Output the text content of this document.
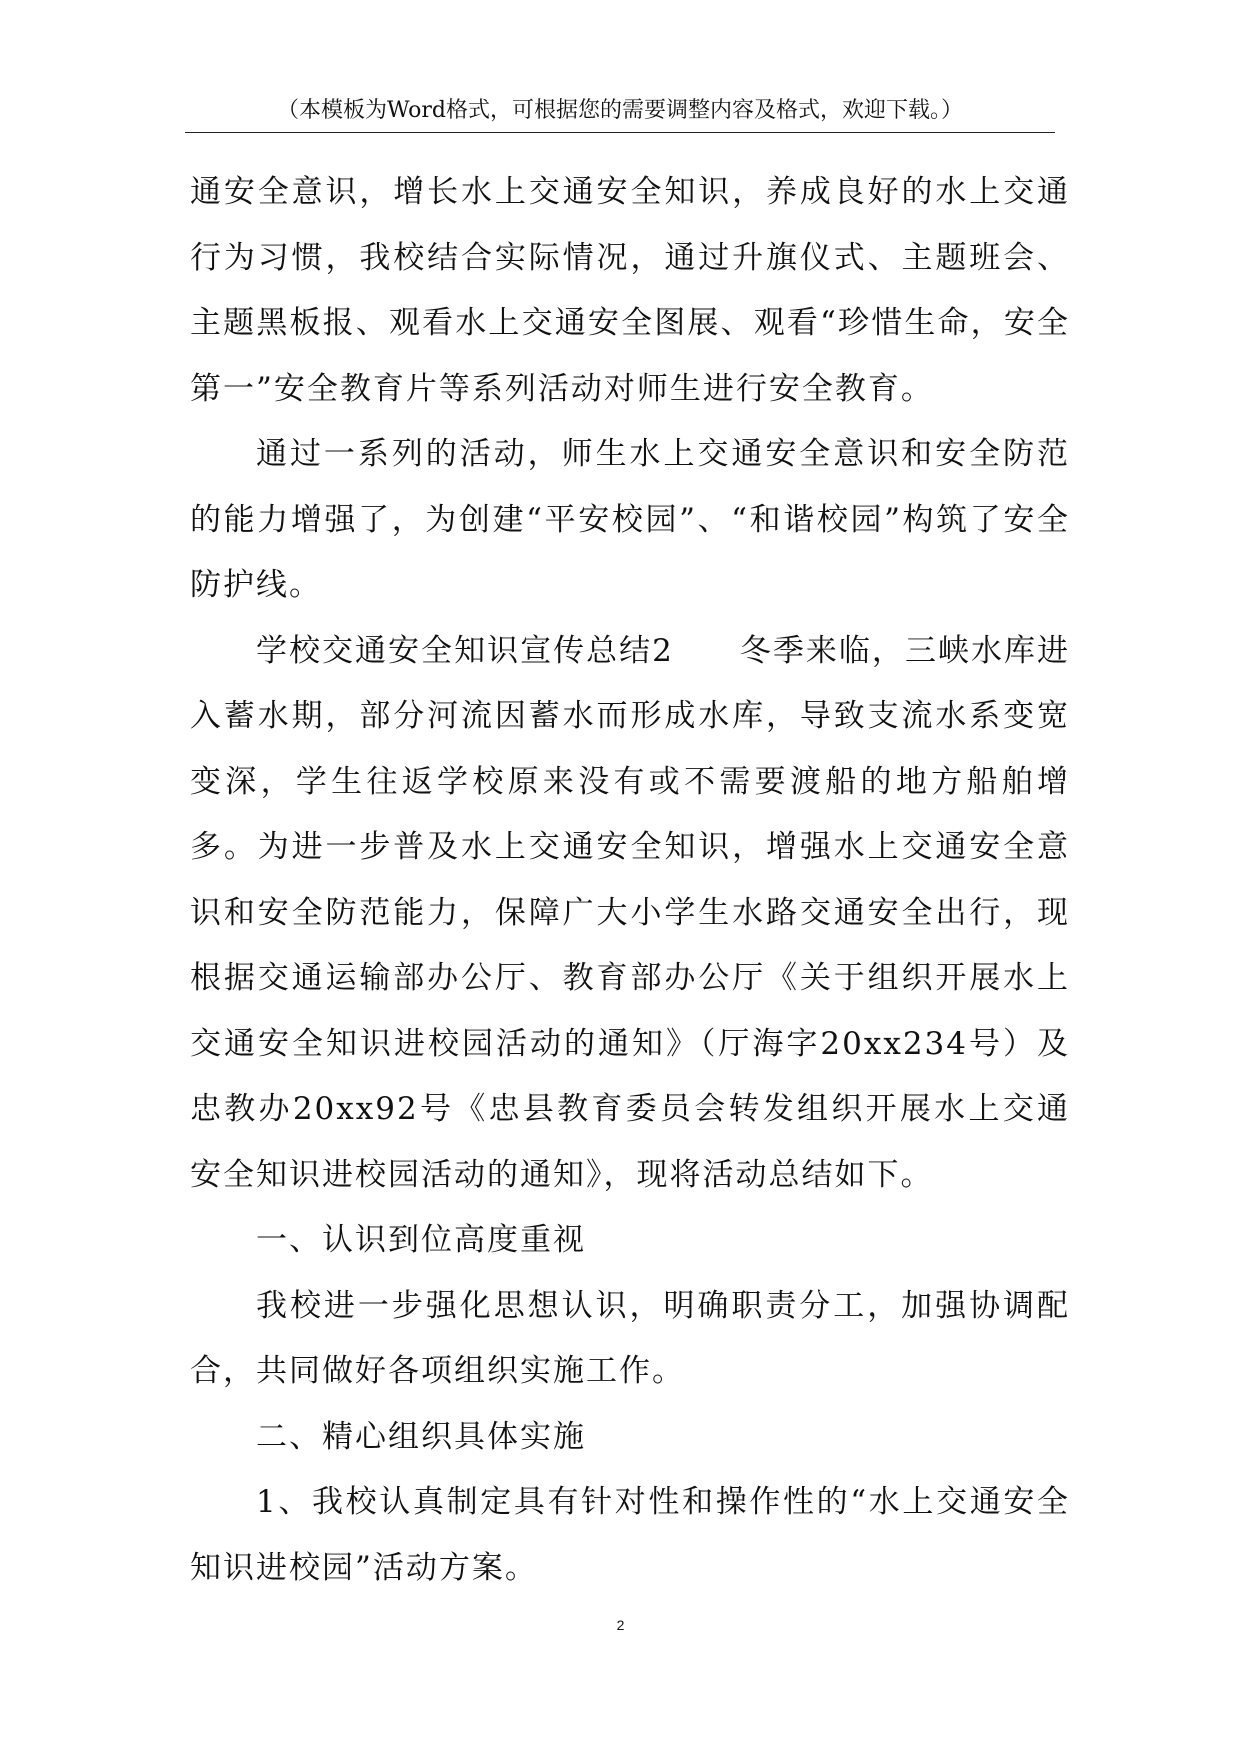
（本模板为Word格式，可根据您的需要调整内容及格式，欢迎下载。）

通安全意识，增长水上交通安全知识，养成良好的水上交通行为习惯，我校结合实际情况，通过升旗仪式、主题班会、主题黑板报、观看水上交通安全图展、观看“珍惜生命，安全第一”安全教育片等系列活动对师生进行安全教育。

通过一系列的活动，师生水上交通安全意识和安全防范的能力增强了，为创建“平安校园”、“和谐校园”构筑了安全防护线。

学校交通安全知识宣传总结2　　冬季来临，三峡水库进入蓄水期，部分河流因蓄水而形成水库，导致支流水系变宽变深，学生往返学校原来没有或不需要渡船的地方船舶增多。为进一步普及水上交通安全知识，增强水上交通安全意识和安全防范能力，保障广大小学生水路交通安全出行，现根据交通运输部办公厅、教育部办公厅《关于组织开展水上交通安全知识进校园活动的通知》（厅海字20xx234号）及忠教办20xx92号《忠县教育委员会转发组织开展水上交通安全知识进校园活动的通知》，现将活动总结如下。

一、认识到位高度重视

我校进一步强化思想认识，明确职责分工，加强协调配合，共同做好各项组织实施工作。

二、精心组织具体实施

1、我校认真制定具有针对性和操作性的“水上交通安全知识进校园”活动方案。

2
